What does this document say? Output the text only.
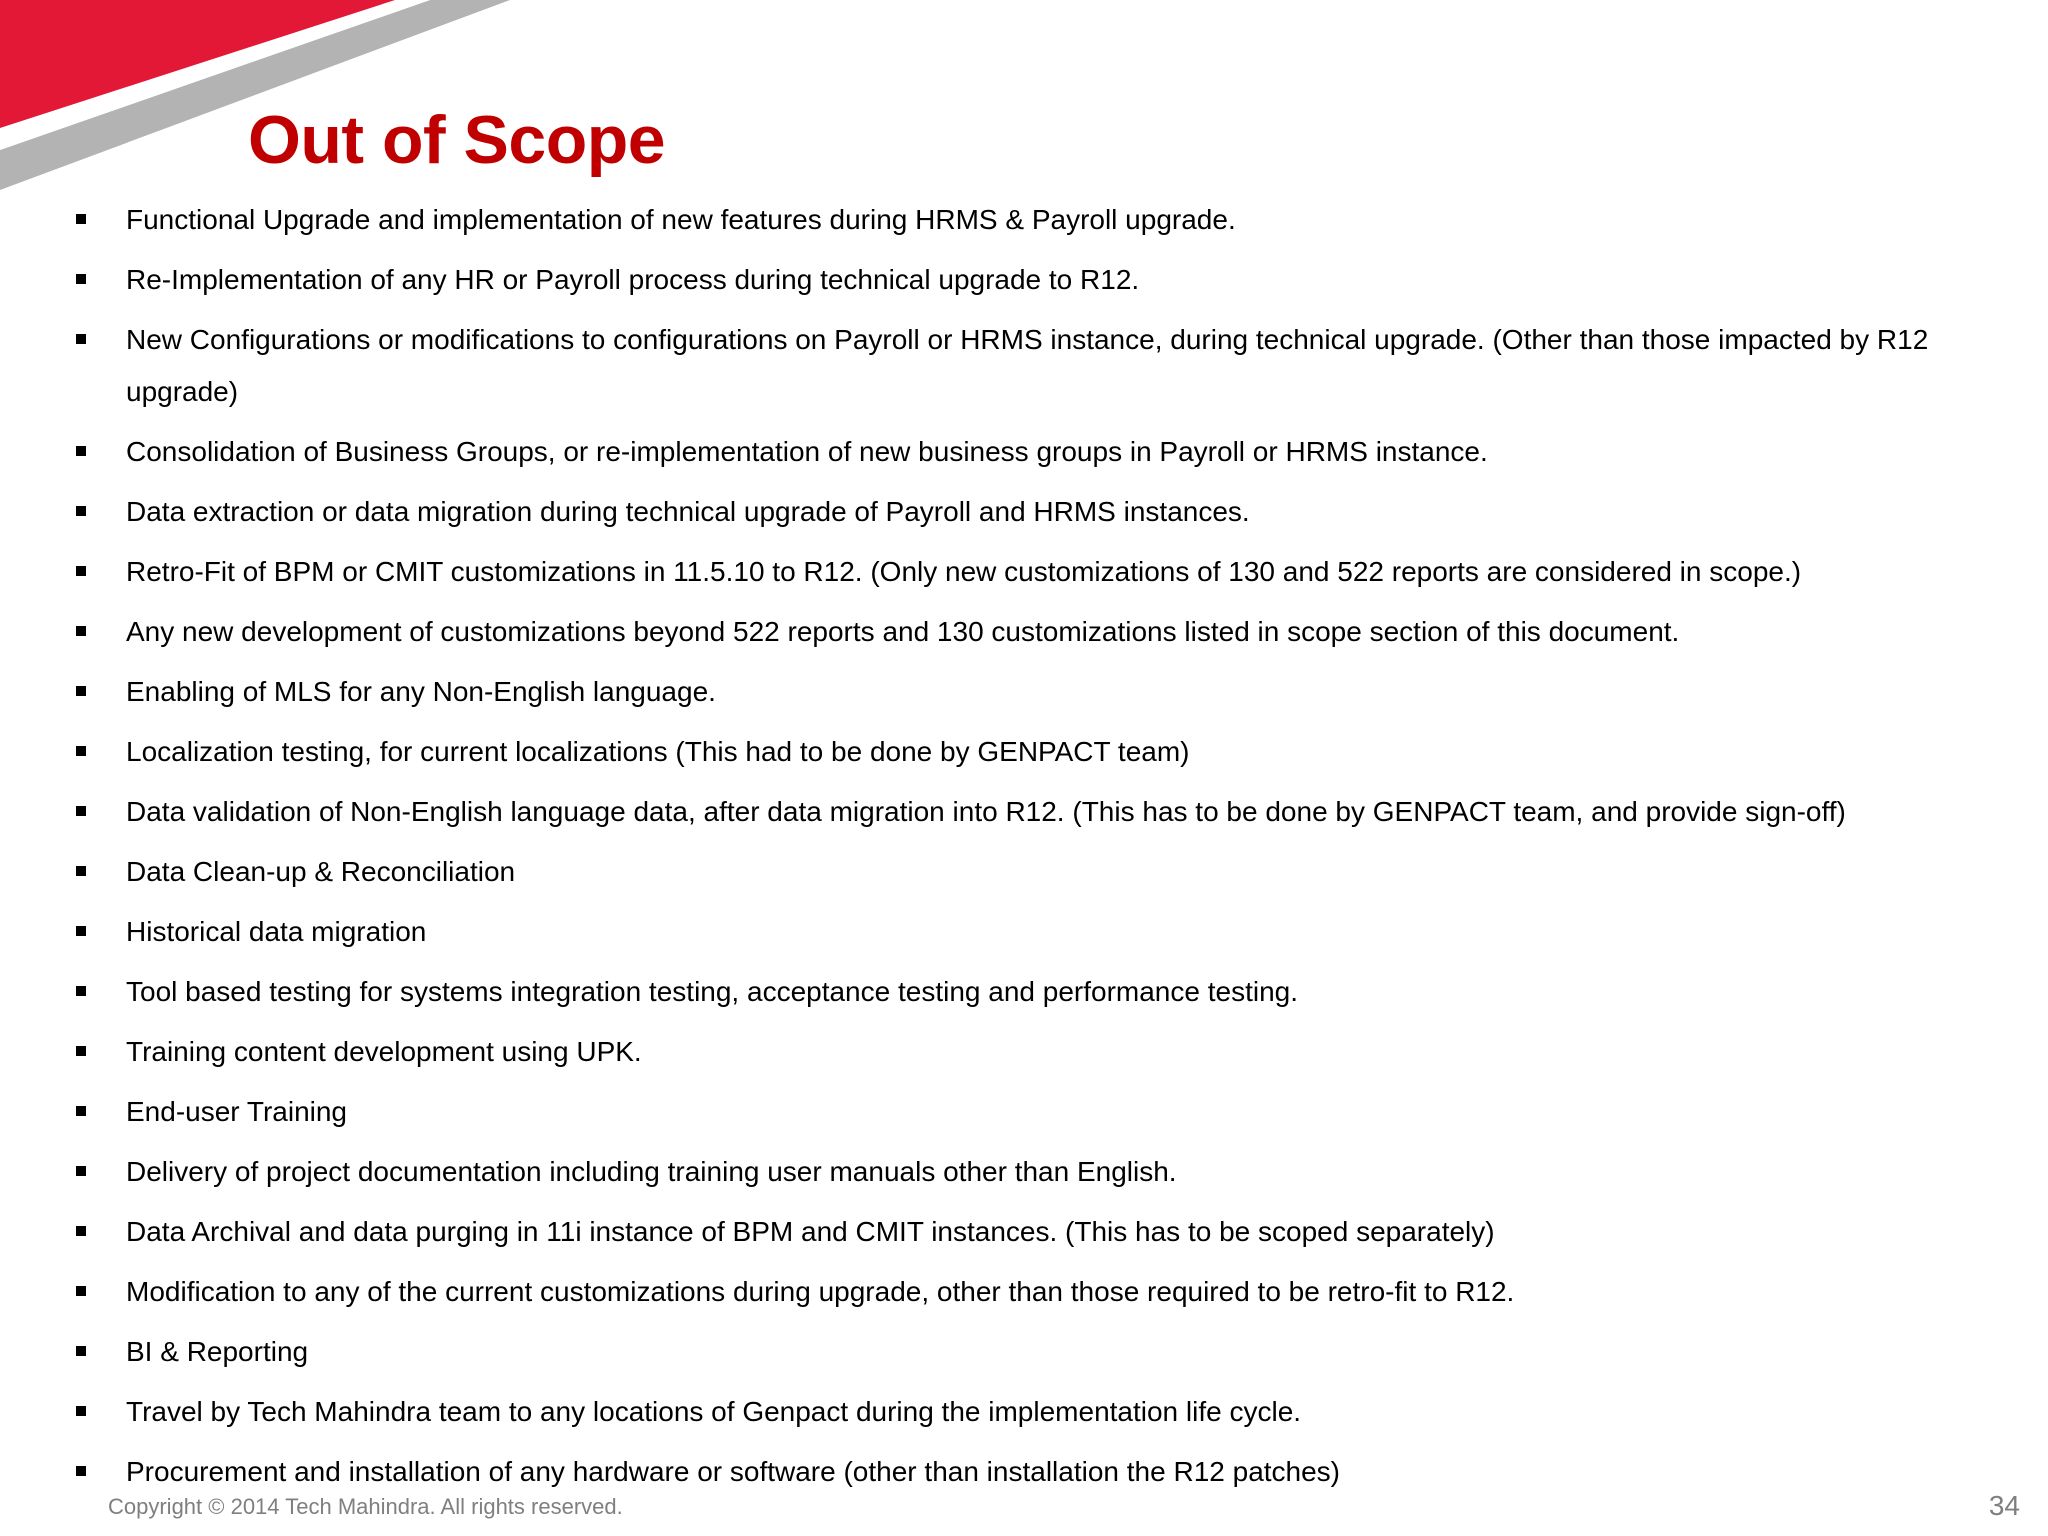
Out of Scope
Functional Upgrade and implementation of new features during HRMS & Payroll upgrade.
Re-Implementation of any HR or Payroll process during technical upgrade to R12.
New Configurations or modifications to configurations on Payroll or HRMS instance, during technical upgrade. (Other than those impacted by R12 upgrade)
Consolidation of Business Groups, or re-implementation of new business groups in Payroll or HRMS instance.
Data extraction or data migration during technical upgrade of Payroll and HRMS instances.
Retro-Fit of BPM or CMIT customizations in 11.5.10 to R12. (Only new customizations of 130 and 522 reports are considered in scope.)
Any new development of customizations beyond 522 reports and 130 customizations listed in scope section of this document.
Enabling of MLS for any Non-English language.
Localization testing, for current localizations (This had to be done by GENPACT team)
Data validation of Non-English language data, after data migration into R12. (This has to be done by GENPACT team, and provide sign-off)
Data Clean-up & Reconciliation
Historical data migration
Tool based testing for systems integration testing, acceptance testing and performance testing.
Training content development using UPK.
End-user Training
Delivery of project documentation including training user manuals other than English.
Data Archival and data purging in 11i instance of BPM and CMIT instances. (This has to be scoped separately)
Modification to any of the current customizations during upgrade, other than those required to be retro-fit to R12.
BI & Reporting
Travel by Tech Mahindra team to any locations of Genpact during the implementation life cycle.
Procurement and installation of any hardware or software (other than installation the R12 patches)
Copyright © 2014 Tech Mahindra. All rights reserved.	34
